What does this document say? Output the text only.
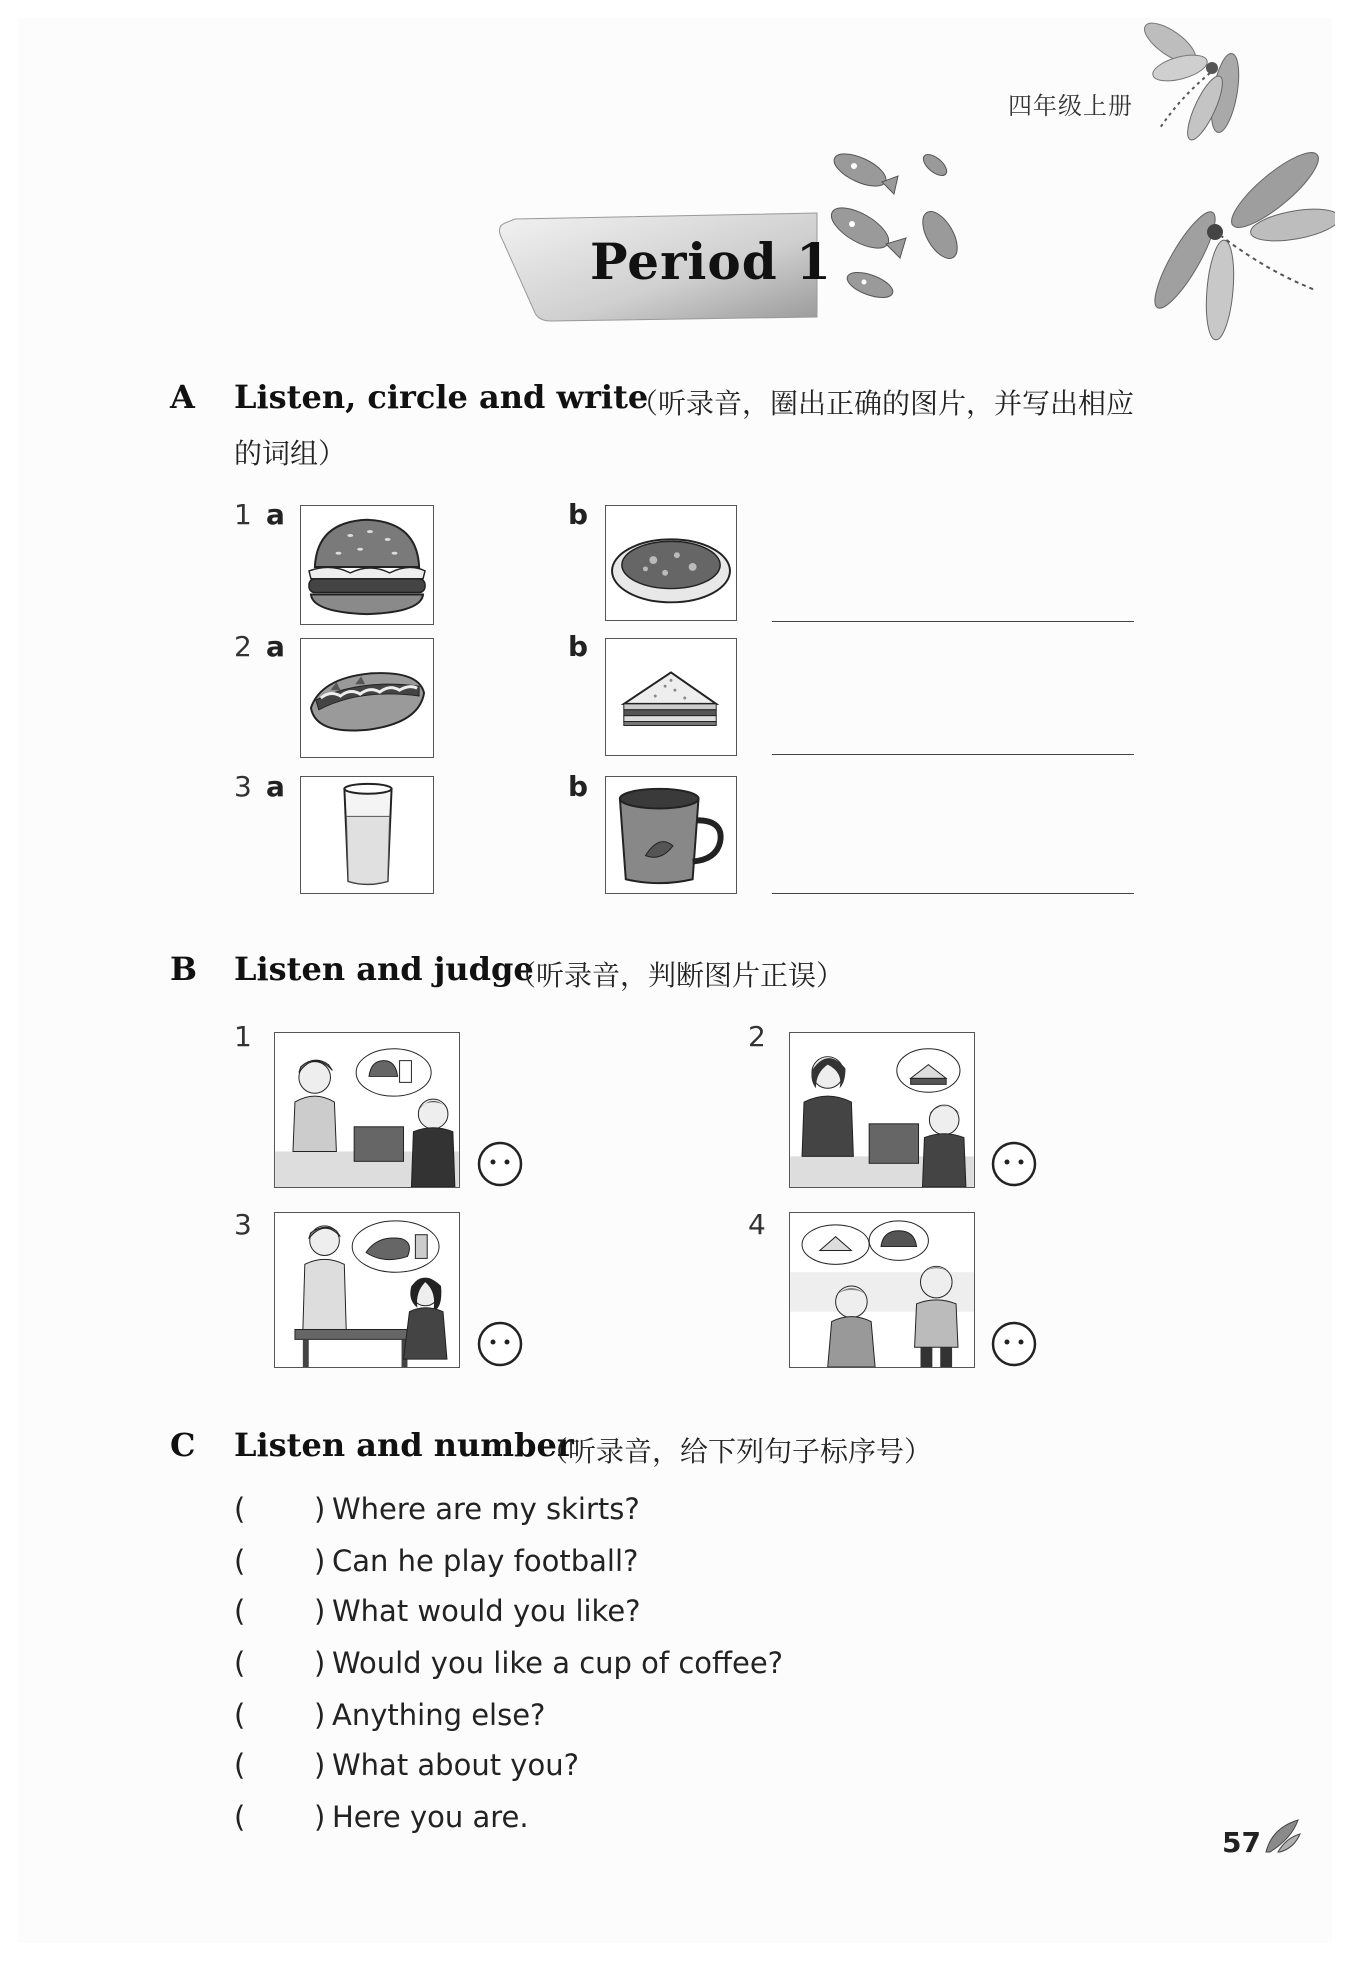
四年级上册
Period 1
A Listen, circle and write
（听录音，圈出正确的图片，并写出相应
的词组）
1 a	b
2 a	b
3 a	b
B Listen and judge
（听录音，判断图片正误）
1	2
3	4
C Listen and number
（听录音，给下列句子标序号）
( ) Where are my skirts?
( ) Can he play football?
( ) What would you like?
( ) Would you like a cup of coffee?
( ) Anything else?
( ) What about you?
( ) Here you are.
57
